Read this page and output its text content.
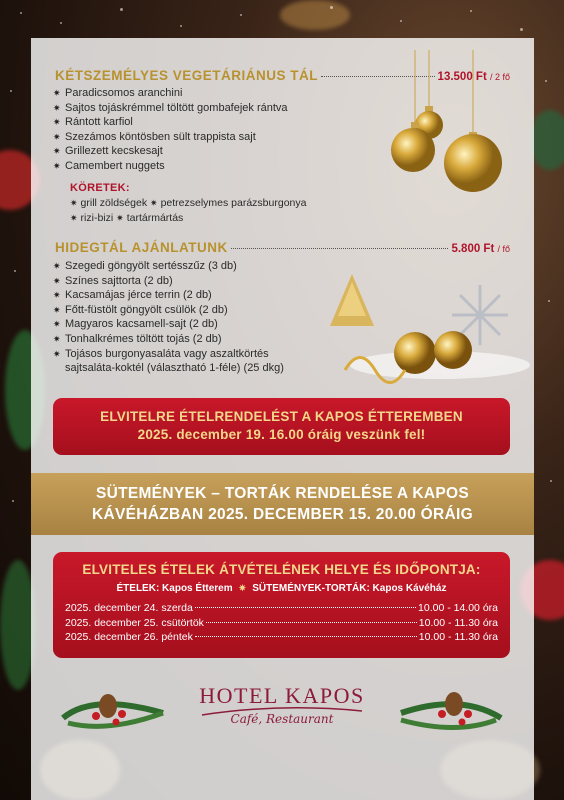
KÉTSZEMÉLYES VEGETÁRIÁNUS TÁL	13.500 Ft / 2 fő
✷ Paradicsomos aranchini
✷ Sajtos tojáskrémmel töltött gombafejek rántva
✷ Rántott karfiol
✷ Szezámos köntösben sült trappista sajt
✷ Grillezett kecskesajt
✷ Camembert nuggets
KÖRETEK:
✷ grill zöldségek ✷ petrezselymes parázsburgonya
✷ rizi-bizi ✷ tartármártás
HIDEGTÁL AJÁNLATUNK	5.800 Ft / fő
✷ Szegedi göngyölt sertésszűz (3 db)
✷ Színes sajttorta (2 db)
✷ Kacsamájas jérce terrin (2 db)
✷ Főtt-füstölt göngyölt csülök (2 db)
✷ Magyaros kacsamell-sajt (2 db)
✷ Tonhalkrémes töltött tojás (2 db)
✷ Tojásos burgonyasaláta vagy aszaltkörtés
sajtsaláta-koktél (választható 1-féle) (25 dkg)
ELVITELRE ÉTELRENDELÉST A KAPOS ÉTTEREMBEN
2025. december 19. 16.00 óráig veszünk fel!
SÜTEMÉNYEK – TORTÁK RENDELÉSE A KAPOS
KÁVÉHÁZBAN 2025. DECEMBER 15. 20.00 ÓRÁIG
ELVITELES ÉTELEK ÁTVÉTELÉNEK HELYE ÉS IDŐPONTJA:
ÉTELEK: Kapos Étterem ✷ SÜTEMÉNYEK-TORTÁK: Kapos Kávéház
2025. december 24. szerda	10.00 - 14.00 óra
2025. december 25. csütörtök	10.00 - 11.30 óra
2025. december 26. péntek	10.00 - 11.30 óra
HOTEL KAPOS
Café, Restaurant
